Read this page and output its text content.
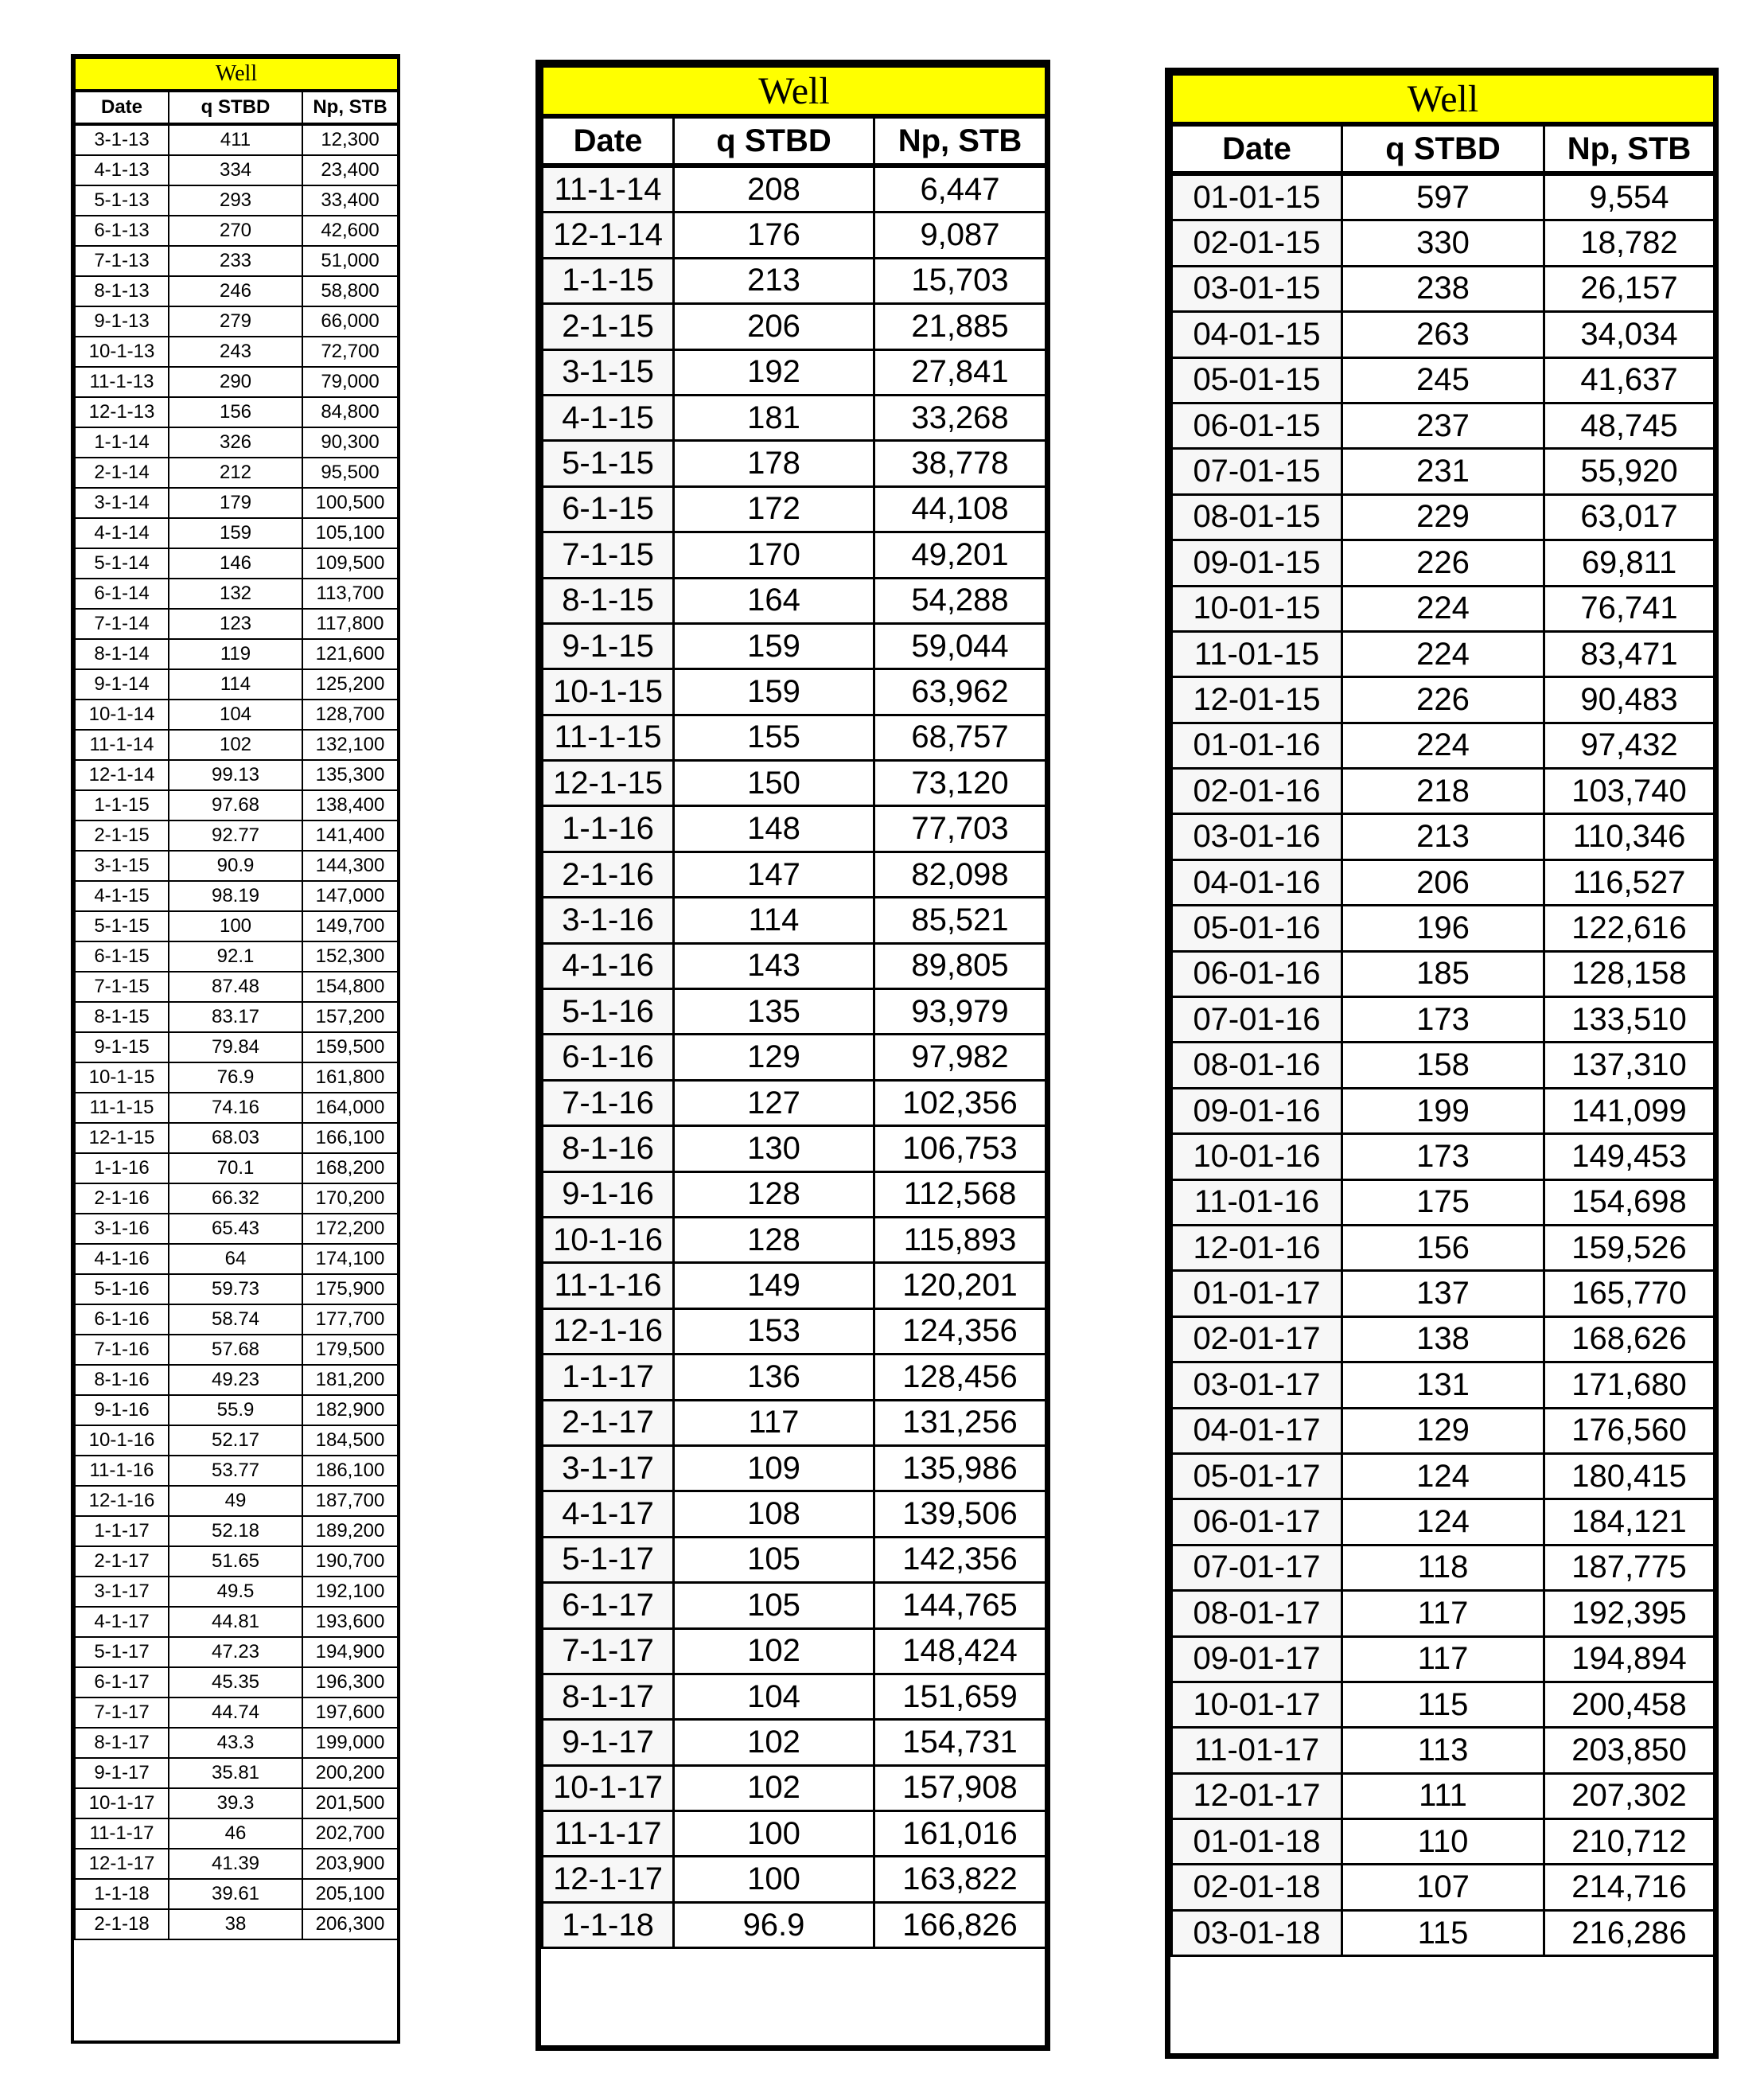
Well		
Date	q STBD	Np, STB
3-1-13	411	12,300
4-1-13	334	23,400
5-1-13	293	33,400
6-1-13	270	42,600
7-1-13	233	51,000
8-1-13	246	58,800
9-1-13	279	66,000
10-1-13	243	72,700
11-1-13	290	79,000
12-1-13	156	84,800
1-1-14	326	90,300
2-1-14	212	95,500
3-1-14	179	100,500
4-1-14	159	105,100
5-1-14	146	109,500
6-1-14	132	113,700
7-1-14	123	117,800
8-1-14	119	121,600
9-1-14	114	125,200
10-1-14	104	128,700
11-1-14	102	132,100
12-1-14	99.13	135,300
1-1-15	97.68	138,400
2-1-15	92.77	141,400
3-1-15	90.9	144,300
4-1-15	98.19	147,000
5-1-15	100	149,700
6-1-15	92.1	152,300
7-1-15	87.48	154,800
8-1-15	83.17	157,200
9-1-15	79.84	159,500
10-1-15	76.9	161,800
11-1-15	74.16	164,000
12-1-15	68.03	166,100
1-1-16	70.1	168,200
2-1-16	66.32	170,200
3-1-16	65.43	172,200
4-1-16	64	174,100
5-1-16	59.73	175,900
6-1-16	58.74	177,700
7-1-16	57.68	179,500
8-1-16	49.23	181,200
9-1-16	55.9	182,900
10-1-16	52.17	184,500
11-1-16	53.77	186,100
12-1-16	49	187,700
1-1-17	52.18	189,200
2-1-17	51.65	190,700
3-1-17	49.5	192,100
4-1-17	44.81	193,600
5-1-17	47.23	194,900
6-1-17	45.35	196,300
7-1-17	44.74	197,600
8-1-17	43.3	199,000
9-1-17	35.81	200,200
10-1-17	39.3	201,500
11-1-17	46	202,700
12-1-17	41.39	203,900
1-1-18	39.61	205,100
2-1-18	38	206,300
Well		
Date	q STBD	Np, STB
11-1-14	208	6,447
12-1-14	176	9,087
1-1-15	213	15,703
2-1-15	206	21,885
3-1-15	192	27,841
4-1-15	181	33,268
5-1-15	178	38,778
6-1-15	172	44,108
7-1-15	170	49,201
8-1-15	164	54,288
9-1-15	159	59,044
10-1-15	159	63,962
11-1-15	155	68,757
12-1-15	150	73,120
1-1-16	148	77,703
2-1-16	147	82,098
3-1-16	114	85,521
4-1-16	143	89,805
5-1-16	135	93,979
6-1-16	129	97,982
7-1-16	127	102,356
8-1-16	130	106,753
9-1-16	128	112,568
10-1-16	128	115,893
11-1-16	149	120,201
12-1-16	153	124,356
1-1-17	136	128,456
2-1-17	117	131,256
3-1-17	109	135,986
4-1-17	108	139,506
5-1-17	105	142,356
6-1-17	105	144,765
7-1-17	102	148,424
8-1-17	104	151,659
9-1-17	102	154,731
10-1-17	102	157,908
11-1-17	100	161,016
12-1-17	100	163,822
1-1-18	96.9	166,826
Well		
Date	q STBD	Np, STB
01-01-15	597	9,554
02-01-15	330	18,782
03-01-15	238	26,157
04-01-15	263	34,034
05-01-15	245	41,637
06-01-15	237	48,745
07-01-15	231	55,920
08-01-15	229	63,017
09-01-15	226	69,811
10-01-15	224	76,741
11-01-15	224	83,471
12-01-15	226	90,483
01-01-16	224	97,432
02-01-16	218	103,740
03-01-16	213	110,346
04-01-16	206	116,527
05-01-16	196	122,616
06-01-16	185	128,158
07-01-16	173	133,510
08-01-16	158	137,310
09-01-16	199	141,099
10-01-16	173	149,453
11-01-16	175	154,698
12-01-16	156	159,526
01-01-17	137	165,770
02-01-17	138	168,626
03-01-17	131	171,680
04-01-17	129	176,560
05-01-17	124	180,415
06-01-17	124	184,121
07-01-17	118	187,775
08-01-17	117	192,395
09-01-17	117	194,894
10-01-17	115	200,458
11-01-17	113	203,850
12-01-17	111	207,302
01-01-18	110	210,712
02-01-18	107	214,716
03-01-18	115	216,286
